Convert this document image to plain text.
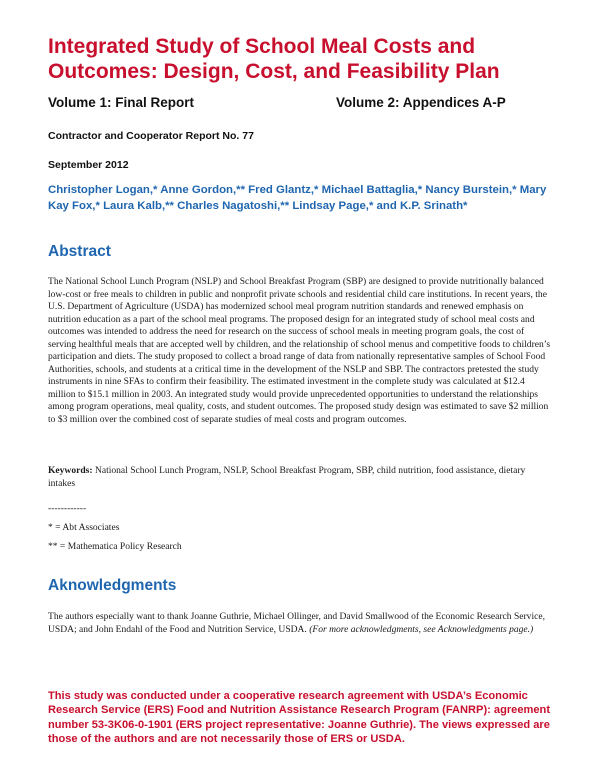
Integrated Study of School Meal Costs and Outcomes: Design, Cost, and Feasibility Plan
Volume 1: Final Report	Volume 2: Appendices A-P
Contractor and Cooperator Report No. 77
September 2012
Christopher Logan,* Anne Gordon,** Fred Glantz,* Michael Battaglia,* Nancy Burstein,* Mary Kay Fox,* Laura Kalb,** Charles Nagatoshi,** Lindsay Page,* and K.P. Srinath*
Abstract
The National School Lunch Program (NSLP) and School Breakfast Program (SBP) are designed to provide nutritionally balanced low-cost or free meals to children in public and nonprofit private schools and residential child care institutions. In recent years, the U.S. Department of Agriculture (USDA) has modernized school meal program nutrition standards and renewed emphasis on nutrition education as a part of the school meal programs. The proposed design for an integrated study of school meal costs and outcomes was intended to address the need for research on the success of school meals in meeting program goals, the cost of serving healthful meals that are accepted well by children, and the relationship of school menus and competitive foods to children’s participation and diets. The study proposed to collect a broad range of data from nationally representative samples of School Food Authorities, schools, and students at a critical time in the development of the NSLP and SBP. The contractors pretested the study instruments in nine SFAs to confirm their feasibility. The estimated investment in the complete study was calculated at $12.4 million to $15.1 million in 2003. An integrated study would provide unprecedented opportunities to understand the relationships among program operations, meal quality, costs, and student outcomes. The proposed study design was estimated to save $2 million to $3 million over the combined cost of separate studies of meal costs and program outcomes.
Keywords: National School Lunch Program, NSLP, School Breakfast Program, SBP, child nutrition, food assistance, dietary intakes
------------
* = Abt Associates
** = Mathematica Policy Research
Aknowledgments
The authors especially want to thank Joanne Guthrie, Michael Ollinger, and David Smallwood of the Economic Research Service, USDA; and John Endahl of the Food and Nutrition Service, USDA. (For more acknowledgments, see Acknowledgments page.)
This study was conducted under a cooperative research agreement with USDA’s Economic Research Service (ERS) Food and Nutrition Assistance Research Program (FANRP): agreement number 53-3K06-0-1901 (ERS project representative: Joanne Guthrie). The views expressed are those of the authors and are not necessarily those of ERS or USDA.
